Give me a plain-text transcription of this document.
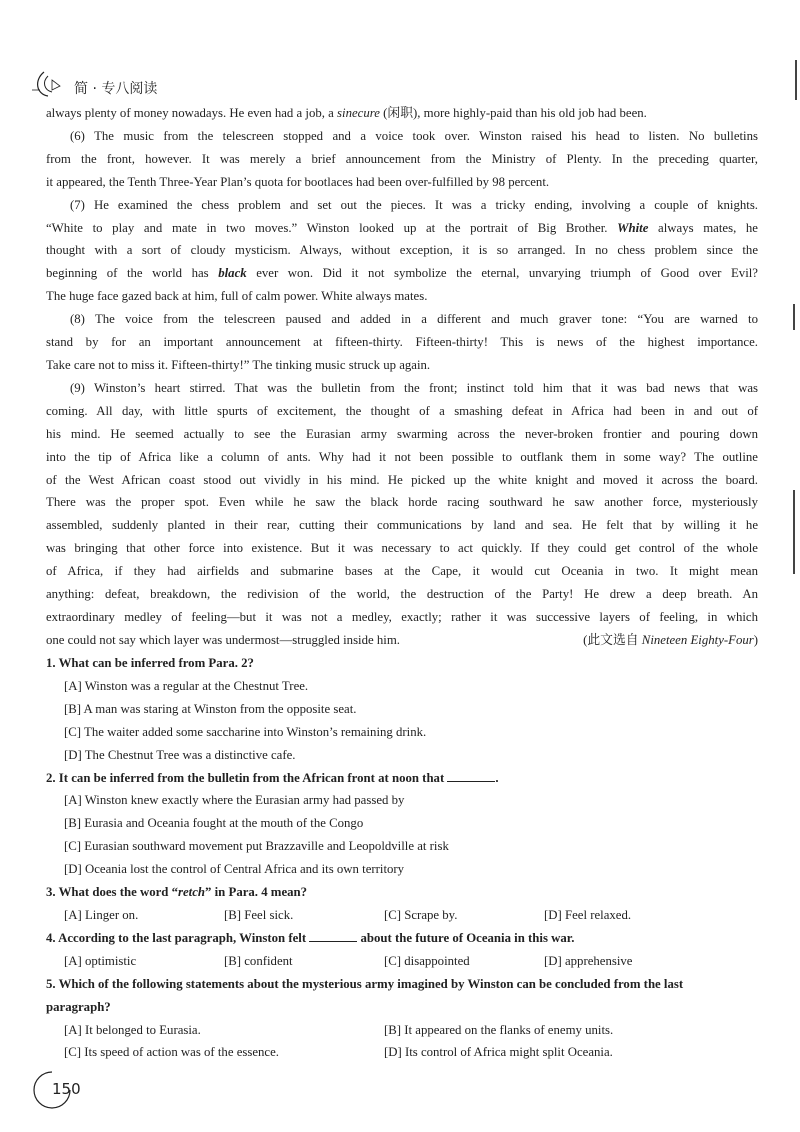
简 · 专八阅读

always plenty of money nowadays. He even had a job, a sinecure (闲职), more highly-paid than his old job had been.

(6) The music from the telescreen stopped and a voice took over. Winston raised his head to listen. No bulletins
from the front, however. It was merely a brief announcement from the Ministry of Plenty. In the preceding quarter,
it appeared, the Tenth Three-Year Plan’s quota for bootlaces had been over-fulfilled by 98 percent.

(7) He examined the chess problem and set out the pieces. It was a tricky ending, involving a couple of knights.
“White to play and mate in two moves.” Winston looked up at the portrait of Big Brother. White always mates, he
thought with a sort of cloudy mysticism. Always, without exception, it is so arranged. In no chess problem since the
beginning of the world has black ever won. Did it not symbolize the eternal, unvarying triumph of Good over Evil?
The huge face gazed back at him, full of calm power. White always mates.

(8) The voice from the telescreen paused and added in a different and much graver tone: “You are warned to
stand by for an important announcement at fifteen-thirty. Fifteen-thirty! This is news of the highest importance.
Take care not to miss it. Fifteen-thirty!” The tinking music struck up again.

(9) Winston’s heart stirred. That was the bulletin from the front; instinct told him that it was bad news that was
coming. All day, with little spurts of excitement, the thought of a smashing defeat in Africa had been in and out of
his mind. He seemed actually to see the Eurasian army swarming across the never-broken frontier and pouring down
into the tip of Africa like a column of ants. Why had it not been possible to outflank them in some way? The outline
of the West African coast stood out vividly in his mind. He picked up the white knight and moved it across the board.
There was the proper spot. Even while he saw the black horde racing southward he saw another force, mysteriously
assembled, suddenly planted in their rear, cutting their communications by land and sea. He felt that by willing it he
was bringing that other force into existence. But it was necessary to act quickly. If they could get control of the whole
of Africa, if they had airfields and submarine bases at the Cape, it would cut Oceania in two. It might mean
anything: defeat, breakdown, the redivision of the world, the destruction of the Party! He drew a deep breath. An
extraordinary medley of feeling—but it was not a medley, exactly; rather it was successive layers of feeling, in which
one could not say which layer was undermost—struggled inside him.	(此文选自 Nineteen Eighty-Four)

1. What can be inferred from Para. 2?
[A] Winston was a regular at the Chestnut Tree.
[B] A man was staring at Winston from the opposite seat.
[C] The waiter added some saccharine into Winston’s remaining drink.
[D] The Chestnut Tree was a distinctive cafe.
2. It can be inferred from the bulletin from the African front at noon that	.
[A] Winston knew exactly where the Eurasian army had passed by
[B] Eurasia and Oceania fought at the mouth of the Congo
[C] Eurasian southward movement put Brazzaville and Leopoldville at risk
[D] Oceania lost the control of Central Africa and its own territory
3. What does the word “retch” in Para. 4 mean?
[A] Linger on.	[B] Feel sick.	[C] Scrape by.	[D] Feel relaxed.
4. According to the last paragraph, Winston felt	about the future of Oceania in this war.
[A] optimistic	[B] confident	[C] disappointed	[D] apprehensive
5. Which of the following statements about the mysterious army imagined by Winston can be concluded from the last
paragraph?
[A] It belonged to Eurasia.	[B] It appeared on the flanks of enemy units.
[C] Its speed of action was of the essence.	[D] Its control of Africa might split Oceania.
150
